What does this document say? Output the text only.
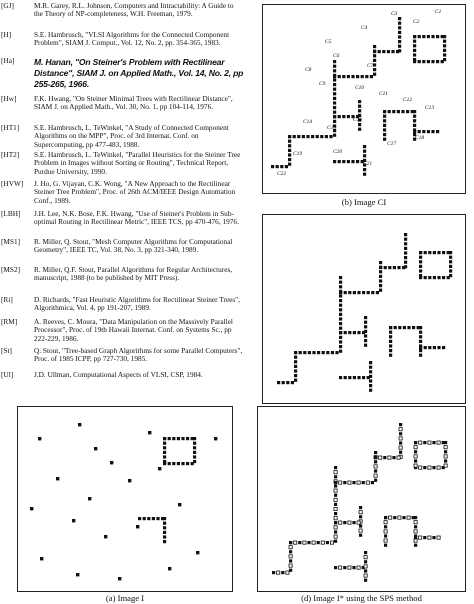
[GJ]	M.R. Garey, R.L. Johnson, Computers and Intractability: A Guide to the Theory of NP-completeness, W.H. Freeman, 1979.
[H]	S.E. Hambrusch, "VLSI Algorithms for the Connected Component Problem", SIAM J. Comput., Vol. 12, No. 2, pp. 354-365, 1983.
[Ha]	M. Hanan, "On Steiner's Problem with Rectilinear Distance", SIAM J. on Applied Math., Vol. 14, No. 2, pp 255-265, 1966.
[Hw]	F.K. Hwang, "On Steiner Minimal Trees with Rectilinear Distance", SIAM J. on Applied Math., Vol. 30, No. 1, pp 104-114, 1976.
[HT1]	S.E. Hambrusch, L. TeWinkel, "A Study of Connected Component Algorithms on the MPP", Proc. of 3rd Internat. Conf. on Supercomputing, pp 477-483, 1988.
[HT2]	S.E. Hambrusch, L. TeWinkel, "Parallel Heuristics for the Steiner Tree Problem in Images without Sorting or Routing", Technical Report, Purdue University, 1990.
[HVW]	J. Ho, G. Vijayan, C.K. Wong, "A New Approach to the Rectilinear Steiner Tree Problem", Proc. of 26th ACM/IEEE Design Automation Conf., 1989.
[LBH]	J.H. Lee, N.K. Bose, F.K. Hwang, "Use of Steiner's Problem in Sub-optimal Routing in Rectilinear Metric", IEEE TCS, pp 470-476, 1976.
[MS1]	R. Miller, Q. Stout, "Mesh Computer Algorithms for Computational Geometry", IEEE TC, Vol. 38, No. 3, pp 321-340, 1989.
[MS2]	R. Miller, Q.F. Stout, Parallel Algorithms for Regular Architectures, manuscript, 1988 (to be published by MIT Press).
[Ri]	D. Richards, "Fast Heuristic Algorithms for Rectilinear Steiner Trees", Algorithmica, Vol. 4, pp 191-207, 1989.
[RM]	A. Reeves, C. Moura, "Data Manipulation on the Massively Parallel Processor", Proc. of 19th Hawaii Internat. Conf. on Systems Sc., pp 222-229, 1986.
[St]	Q. Stout, "Tree-based Graph Algorithms for some Parallel Computers", Proc. of 1985 ICPP, pp 727-730, 1985.
[Ul]	J.D. Ullman, Computational Aspects of VLSI, CSP, 1984.
C1
C2
C3
C4
C5
C6
C7
C8
C9
C10
C11
C12
C13
C14
C15
C16
C17
C18
C19	C20
C21
C22
(b) Image CI
(a) Image I	(d) Image I* using the SPS method
